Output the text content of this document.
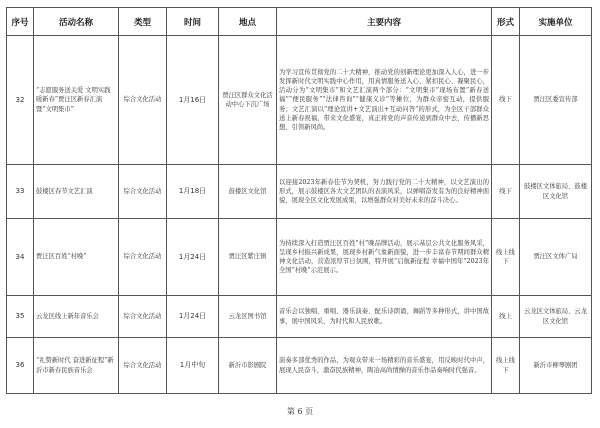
序号	活动名称	类型	时间	地点	主要内容	形式	实施单位
32	“志愿服务送关爱 文明实践暖新春”贾汪区新春汇演暨“文明集市”	综合文化活动	1月16日	贾汪区群众文化活动中心下沉广场	为学习宣传贯彻党的二十大精神，推动党的创新理论更加深入人心，进一步发挥新时代文明实践中心作用，用真情服务送入心、紧扣民心、凝聚民心，活动分为“文明集市”和文艺汇演两个部分：“文明集市”现场布置“新春送福”“便民服务”“法律咨询”“健康义诊”等摊位，为群众亲密互动，提供服务；文艺汇演以“理论宣讲+文艺演出+互动问答”的形式，为全区干部群众送上新春祝福，带来文化盛宴，真正将党的声音传递到群众中去，传播新思想、引领新风尚。	线下	贾汪区委宣传部
33	鼓楼区春节文艺汇演	综合文化活动	1月18日	鼓楼区文化馆	以迎接2023年新春佳节为契机，努力践行党的二十大精神，以文艺演出的形式，展示鼓楼区各大文艺团队的表演风采，以弹唱奋发有为的良好精神面貌，展现全区文化发展成果，以增强群众对美好未来的奋斗决心。	线下	鼓楼区文体旅局、鼓楼区文化馆
34	贾汪区百姓“村晚”	综合文化活动	1月24日	贾汪区紫庄镇	为持续深入打造贾汪区百姓“村”晚品牌活动，展示基层公共文化服务风采，呈现乡村振兴新成果，展现乡村新气象新面貌，进一步丰富春节期间群众精神文化活动，营造浓厚节日氛围，特开展“启航新征程 幸福中国年”2023年全国“村晚”示范展示。	线上线下	贾汪区文体广局
35	云龙区线上新年音乐会	综合文化活动	1月24日	云龙区图书馆	音乐会以独唱、重唱、器乐演奏、配乐诗朗诵、舞蹈等多种形式，讲中国故事，展中国风采，为时代和人民放歌。	线上	云龙区文体旅局、云龙区文化馆
36	“礼赞新时代 奋进新征程”新沂市新春民族音乐会	综合文化活动	1月中旬	新沂市影剧院	演奏多部优秀的作品，为观众带来一场精彩的音乐盛宴，用反映时代中声，展现人民奋斗，激奋民族精神，陶冶高尚情操的音乐作品奏响时代强音。	线上线下	新沂市柳琴剧团
第 6 页
